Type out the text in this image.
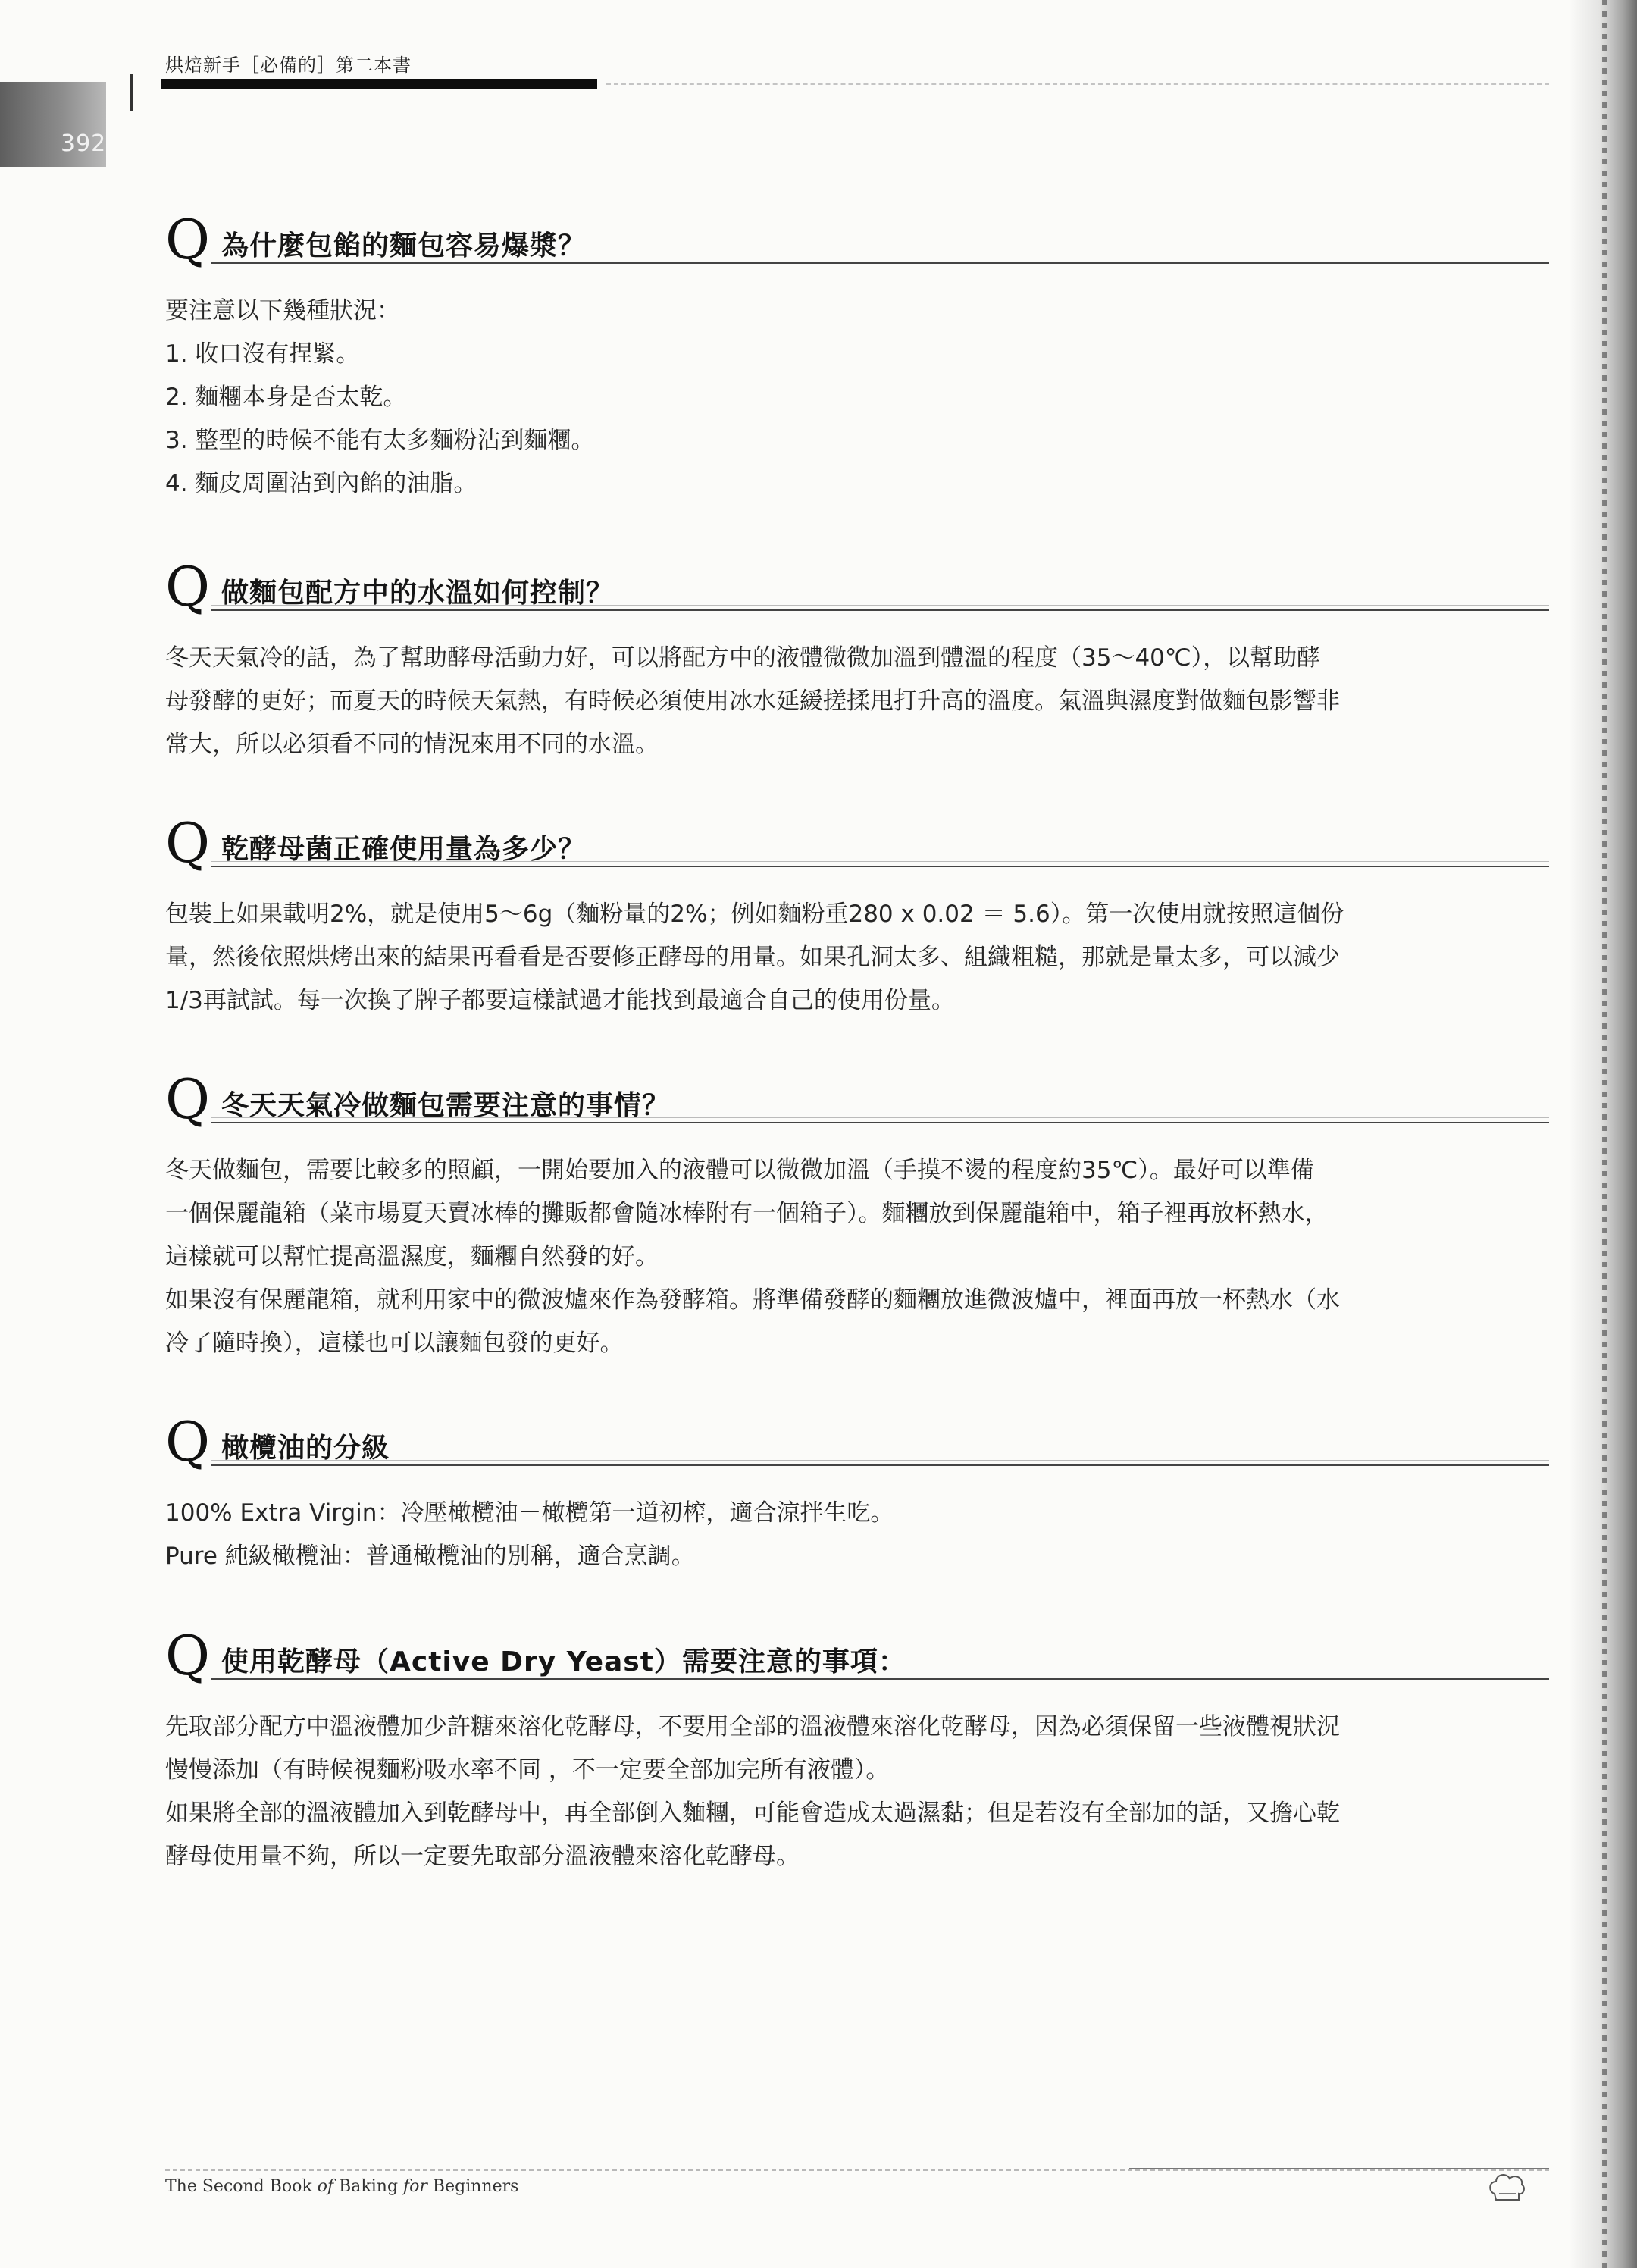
392
烘焙新手［必備的］第二本書
Q 為什麼包餡的麵包容易爆漿？

要注意以下幾種狀況：

1. 收口沒有捏緊。

2. 麵糰本身是否太乾。

3. 整型的時候不能有太多麵粉沾到麵糰。

4. 麵皮周圍沾到內餡的油脂。

Q 做麵包配方中的水溫如何控制？

冬天天氣冷的話，為了幫助酵母活動力好，可以將配方中的液體微微加溫到體溫的程度（35～40℃），以幫助酵

母發酵的更好；而夏天的時候天氣熱，有時候必須使用冰水延緩搓揉甩打升高的溫度。氣溫與濕度對做麵包影響非

常大，所以必須看不同的情況來用不同的水溫。

Q 乾酵母菌正確使用量為多少？

包裝上如果載明2%，就是使用5～6g（麵粉量的2%；例如麵粉重280 x 0.02 ＝ 5.6）。第一次使用就按照這個份

量，然後依照烘烤出來的結果再看看是否要修正酵母的用量。如果孔洞太多、組織粗糙，那就是量太多，可以減少

1/3再試試。每一次換了牌子都要這樣試過才能找到最適合自己的使用份量。

Q 冬天天氣冷做麵包需要注意的事情？

冬天做麵包，需要比較多的照顧，一開始要加入的液體可以微微加溫（手摸不燙的程度約35℃）。最好可以準備

一個保麗龍箱（菜市場夏天賣冰棒的攤販都會隨冰棒附有一個箱子）。麵糰放到保麗龍箱中，箱子裡再放杯熱水，

這樣就可以幫忙提高溫濕度，麵糰自然發的好。

如果沒有保麗龍箱，就利用家中的微波爐來作為發酵箱。將準備發酵的麵糰放進微波爐中，裡面再放一杯熱水（水

冷了隨時換），這樣也可以讓麵包發的更好。

Q 橄欖油的分級

100% Extra Virgin：冷壓橄欖油－橄欖第一道初榨，適合涼拌生吃。

Pure 純級橄欖油：普通橄欖油的別稱，適合烹調。

Q 使用乾酵母（Active Dry Yeast）需要注意的事項：

先取部分配方中溫液體加少許糖來溶化乾酵母，不要用全部的溫液體來溶化乾酵母，因為必須保留一些液體視狀況

慢慢添加（有時候視麵粉吸水率不同 ，不一定要全部加完所有液體）。

如果將全部的溫液體加入到乾酵母中，再全部倒入麵糰，可能會造成太過濕黏；但是若沒有全部加的話，又擔心乾

酵母使用量不夠，所以一定要先取部分溫液體來溶化乾酵母。

The Second Book of Baking for Beginners
